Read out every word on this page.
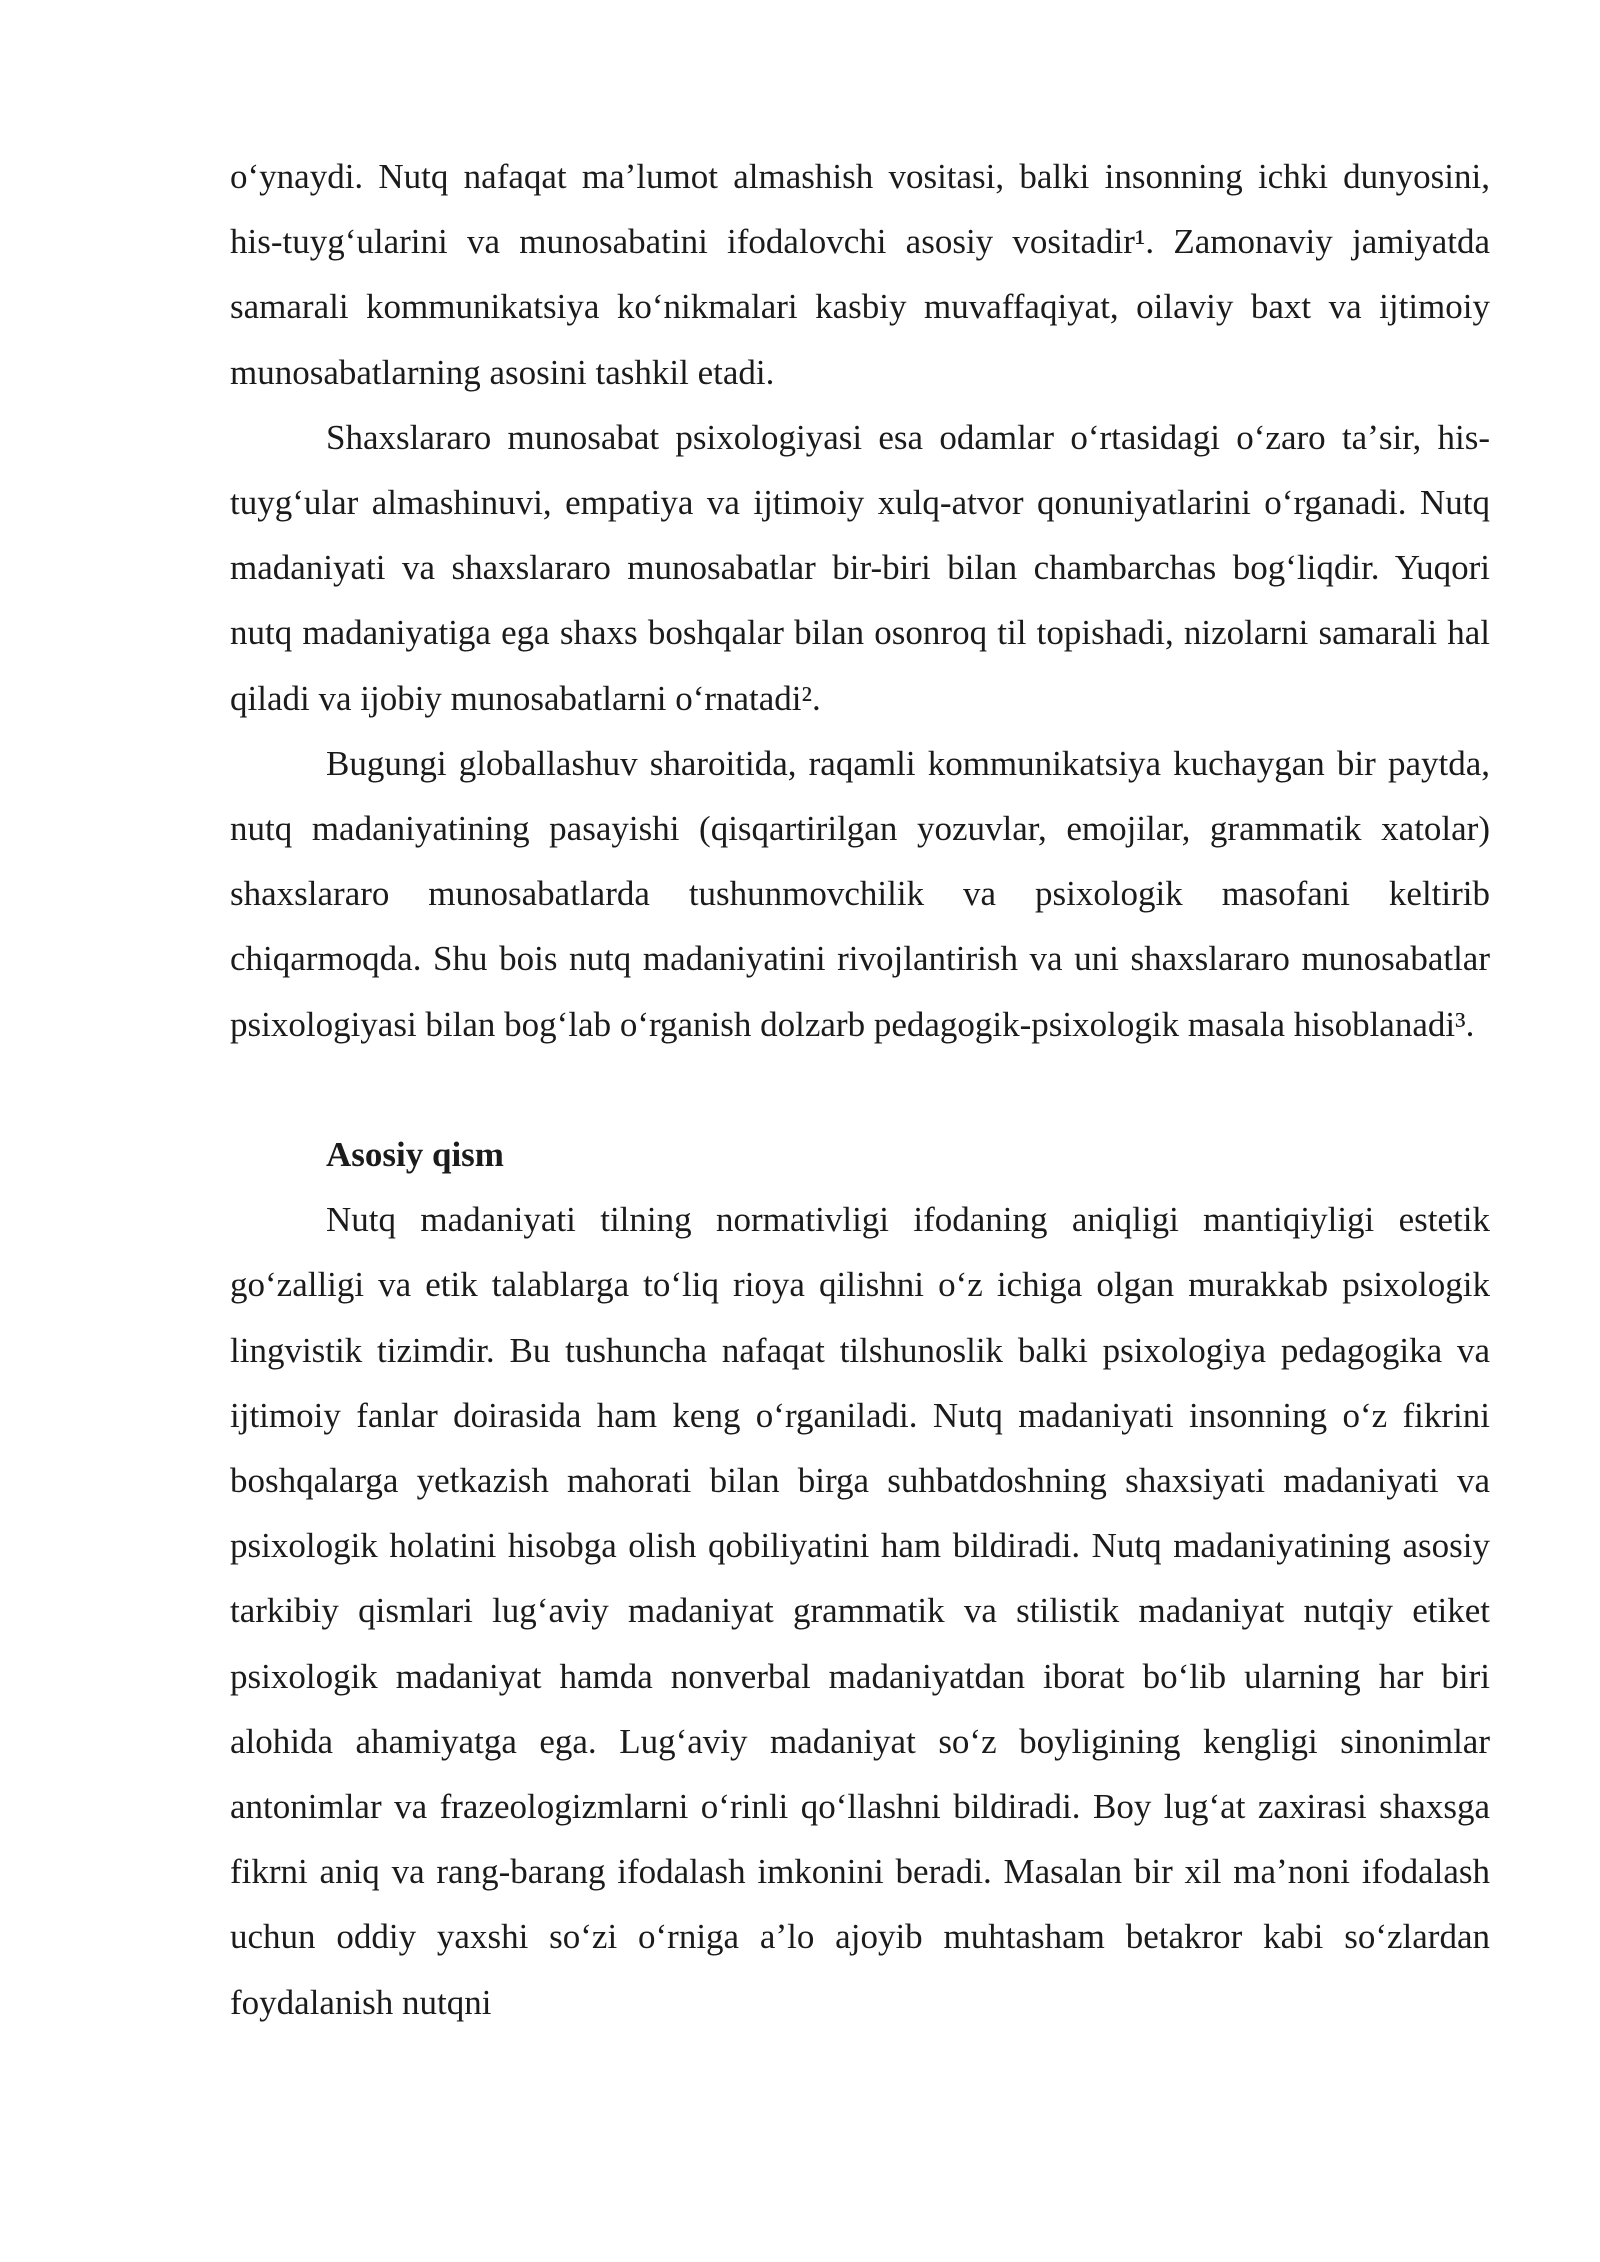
oʻynaydi. Nutq nafaqat maʼlumot almashish vositasi, balki insonning ichki dunyosini, his-tuygʻularini va munosabatini ifodalovchi asosiy vositadir¹. Zamonaviy jamiyatda samarali kommunikatsiya koʻnikmalari kasbiy muvaffaqiyat, oilaviy baxt va ijtimoiy munosabatlarning asosini tashkil etadi.

Shaxslararo munosabat psixologiyasi esa odamlar oʻrtasidagi oʻzaro taʼsir, his-tuygʻular almashinuvi, empatiya va ijtimoiy xulq-atvor qonuniyatlarini oʻrganadi. Nutq madaniyati va shaxslararo munosabatlar bir-biri bilan chambarchas bogʻliqdir. Yuqori nutq madaniyatiga ega shaxs boshqalar bilan osonroq til topishadi, nizolarni samarali hal qiladi va ijobiy munosabatlarni oʻrnatadi².

Bugungi globallashuv sharoitida, raqamli kommunikatsiya kuchaygan bir paytda, nutq madaniyatining pasayishi (qisqartirilgan yozuvlar, emojilar, grammatik xatolar) shaxslararo munosabatlarda tushunmovchilik va psixologik masofani keltirib chiqarmoqda. Shu bois nutq madaniyatini rivojlantirish va uni shaxslararo munosabatlar psixologiyasi bilan bogʻlab oʻrganish dolzarb pedagogik-psixologik masala hisoblanadi³.

Asosiy qism

Nutq madaniyati tilning normativligi ifodaning aniqligi mantiqiyligi estetik goʻzalligi va etik talablarga toʻliq rioya qilishni oʻz ichiga olgan murakkab psixologik lingvistik tizimdir. Bu tushuncha nafaqat tilshunoslik balki psixologiya pedagogika va ijtimoiy fanlar doirasida ham keng oʻrganiladi. Nutq madaniyati insonning oʻz fikrini boshqalarga yetkazish mahorati bilan birga suhbatdoshning shaxsiyati madaniyati va psixologik holatini hisobga olish qobiliyatini ham bildiradi. Nutq madaniyatining asosiy tarkibiy qismlari lugʻaviy madaniyat grammatik va stilistik madaniyat nutqiy etiket psixologik madaniyat hamda nonverbal madaniyatdan iborat boʻlib ularning har biri alohida ahamiyatga ega. Lugʻaviy madaniyat soʻz boyligining kengligi sinonimlar antonimlar va frazeologizmlarni oʻrinli qoʻllashni bildiradi. Boy lugʻat zaxirasi shaxsga fikrni aniq va rang-barang ifodalash imkonini beradi. Masalan bir xil maʼnoni ifodalash uchun oddiy yaxshi soʻzi oʻrniga aʼlo ajoyib muhtasham betakror kabi soʻzlardan foydalanish nutqni
